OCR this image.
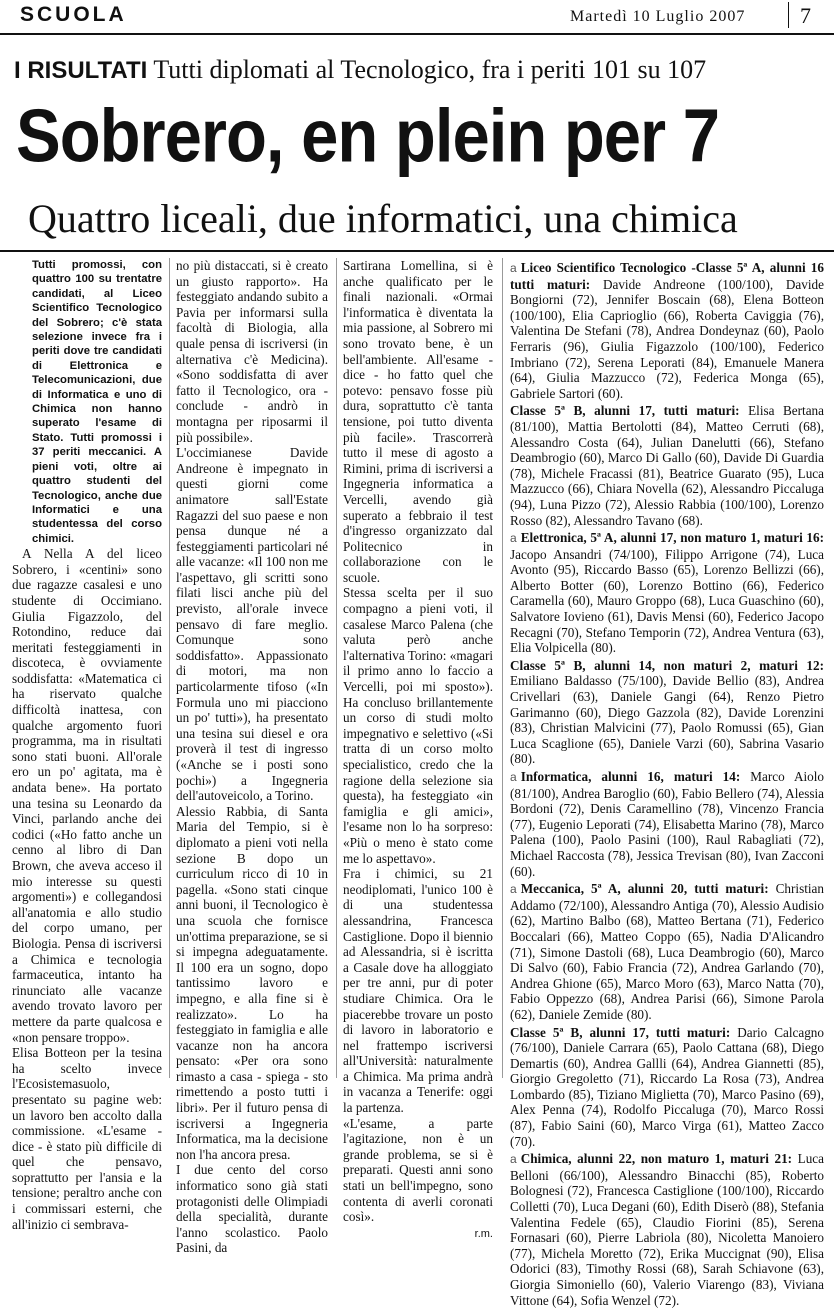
SCUOLA	Martedì 10 Luglio 2007 7
I RISULTATI Tutti diplomati al Tecnologico, fra i periti 101 su 107
Sobrero, en plein per 7
Quattro liceali, due informatici, una chimica

Tutti promossi, con quattro 100 su trentatre candidati, al Liceo Scientifico Tecnologico del Sobrero; c'è stata selezione invece fra i periti dove tre candidati di Elettronica e Telecomunicazioni, due di Informatica e uno di Chimica non hanno superato l'esame di Stato. Tutti promossi i 37 periti meccanici. A pieni voti, oltre ai quattro studenti del Tecnologico, anche due Informatici e una studentessa del corso chimici.

A Nella A del liceo Sobrero, i «centini» sono due ragazze casalesi e uno studente di Occimiano. Giulia Figazzolo, del Rotondino, reduce dai meritati festeggiamenti in discoteca, è ovviamente soddisfatta: «Matematica ci ha riservato qualche difficoltà inattesa, con qualche argomento fuori programma, ma in risultati sono stati buoni. All'orale ero un po' agitata, ma è andata bene». Ha portato una tesina su Leonardo da Vinci, parlando anche dei codici («Ho fatto anche un cenno al libro di Dan Brown, che aveva acceso il mio interesse su questi argomenti») e collegandosi all'anatomia e allo studio del corpo umano, per Biologia. Pensa di iscriversi a Chimica e tecnologia farmaceutica, intanto ha rinunciato alle vacanze avendo trovato lavoro per mettere da parte qualcosa e «non pensare troppo».

Elisa Botteon per la tesina ha scelto invece l'Ecosistemasuolo, presentato su pagine web: un lavoro ben accolto dalla commissione. «L'esame - dice - è stato più difficile di quel che pensavo, soprattutto per l'ansia e la tensione; peraltro anche con i commissari esterni, che all'inizio ci sembrava-

no più distaccati, si è creato un giusto rapporto». Ha festeggiato andando subito a Pavia per informarsi sulla facoltà di Biologia, alla quale pensa di iscriversi (in alternativa c'è Medicina). «Sono soddisfatta di aver fatto il Tecnologico, ora - conclude - andrò in montagna per riposarmi il più possibile».

L'occimianese Davide Andreone è impegnato in questi giorni come animatore sall'Estate Ragazzi del suo paese e non pensa dunque né a festeggiamenti particolari né alle vacanze: «Il 100 non me l'aspettavo, gli scritti sono filati lisci anche più del previsto, all'orale invece pensavo di fare meglio. Comunque sono soddisfatto». Appassionato di motori, ma non particolarmente tifoso («In Formula uno mi piacciono un po' tutti»), ha presentato una tesina sui diesel e ora proverà il test di ingresso («Anche se i posti sono pochi») a Ingegneria dell'autoveicolo, a Torino.

Alessio Rabbia, di Santa Maria del Tempio, si è diplomato a pieni voti nella sezione B dopo un curriculum ricco di 10 in pagella. «Sono stati cinque anni buoni, il Tecnologico è una scuola che fornisce un'ottima preparazione, se si si impegna adeguatamente. Il 100 era un sogno, dopo tantissimo lavoro e impegno, e alla fine si è realizzato». Lo ha festeggiato in famiglia e alle vacanze non ha ancora pensato: «Per ora sono rimasto a casa - spiega - sto rimettendo a posto tutti i libri». Per il futuro pensa di iscriversi a Ingegneria Informatica, ma la decisione non l'ha ancora presa.

I due cento del corso informatico sono già stati protagonisti delle Olimpiadi della specialità, durante l'anno scolastico. Paolo Pasini, da

Sartirana Lomellina, si è anche qualificato per le finali nazionali. «Ormai l'informatica è diventata la mia passione, al Sobrero mi sono trovato bene, è un bell'ambiente. All'esame - dice - ho fatto quel che potevo: pensavo fosse più dura, soprattutto c'è tanta tensione, poi tutto diventa più facile». Trascorrerà tutto il mese di agosto a Rimini, prima di iscriversi a Ingegneria informatica a Vercelli, avendo già superato a febbraio il test d'ingresso organizzato dal Politecnico in collaborazione con le scuole.

Stessa scelta per il suo compagno a pieni voti, il casalese Marco Palena (che valuta però anche l'alternativa Torino: «magari il primo anno lo faccio a Vercelli, poi mi sposto»). Ha concluso brillantemente un corso di studi molto impegnativo e selettivo («Si tratta di un corso molto specialistico, credo che la ragione della selezione sia questa), ha festeggiato «in famiglia e gli amici», l'esame non lo ha sorpreso: «Più o meno è stato come me lo aspettavo».

Fra i chimici, su 21 neodiplomati, l'unico 100 è di una studentessa alessandrina, Francesca Castiglione. Dopo il biennio ad Alessandria, si è iscritta a Casale dove ha alloggiato per tre anni, pur di poter studiare Chimica. Ora le piacerebbe trovare un posto di lavoro in laboratorio e nel frattempo iscriversi all'Università: naturalmente a Chimica. Ma prima andrà in vacanza a Tenerife: oggi la partenza.

«L'esame, a parte l'agitazione, non è un grande problema, se si è preparati. Questi anni sono stati un bell'impegno, sono contenta di averli coronati così».

r.m.

a Liceo Scientifico Tecnologico -Classe 5ª A, alunni 16 tutti maturi: Davide Andreone (100/100), Davide Bongiorni (72), Jennifer Boscain (68), Elena Botteon (100/100), Elia Caprioglio (66), Roberta Caviggia (76), Valentina De Stefani (78), Andrea Dondeynaz (60), Paolo Ferraris (96), Giulia Figazzolo (100/100), Federico Imbriano (72), Serena Leporati (84), Emanuele Manera (64), Giulia Mazzucco (72), Federica Monga (65), Gabriele Sartori (60).

Classe 5ª B, alunni 17, tutti maturi: Elisa Bertana (81/100), Mattia Bertolotti (84), Matteo Cerruti (68), Alessandro Costa (64), Julian Danelutti (66), Stefano Deambrogio (60), Marco Di Gallo (60), Davide Di Guardia (78), Michele Fracassi (81), Beatrice Guarato (95), Luca Mazzucco (66), Chiara Novella (62), Alessandro Piccaluga (94), Luna Pizzo (72), Alessio Rabbia (100/100), Lorenzo Rosso (82), Alessandro Tavano (68).

a Elettronica, 5ª A, alunni 17, non maturo 1, maturi 16: Jacopo Ansandri (74/100), Filippo Arrigone (74), Luca Avonto (95), Riccardo Basso (65), Lorenzo Bellizzi (66), Alberto Botter (60), Lorenzo Bottino (66), Federico Caramella (60), Mauro Groppo (68), Luca Guaschino (60), Salvatore Iovieno (61), Davis Mensi (60), Federico Jacopo Recagni (70), Stefano Temporin (72), Andrea Ventura (63), Elia Volpicella (80).

Classe 5ª B, alunni 14, non maturi 2, maturi 12: Emiliano Baldasso (75/100), Davide Bellio (83), Andrea Crivellari (63), Daniele Gangi (64), Renzo Pietro Garimanno (60), Diego Gazzola (82), Davide Lorenzini (83), Christian Malvicini (77), Paolo Romussi (65), Gian Luca Scaglione (65), Daniele Varzi (60), Sabrina Vasario (80).

a Informatica, alunni 16, maturi 14: Marco Aiolo (81/100), Andrea Baroglio (60), Fabio Bellero (74), Alessia Bordoni (72), Denis Caramellino (78), Vincenzo Francia (77), Eugenio Leporati (74), Elisabetta Marino (78), Marco Palena (100), Paolo Pasini (100), Raul Rabagliati (72), Michael Raccosta (78), Jessica Trevisan (80), Ivan Zacconi (60).

a Meccanica, 5ª A, alunni 20, tutti maturi: Christian Addamo (72/100), Alessandro Antiga (70), Alessio Audisio (62), Martino Balbo (68), Matteo Bertana (71), Federico Boccalari (66), Matteo Coppo (65), Nadia D'Alicandro (71), Simone Dastoli (68), Luca Deambrogio (60), Marco Di Salvo (60), Fabio Francia (72), Andrea Garlando (70), Andrea Ghione (65), Marco Moro (63), Marco Natta (70), Fabio Oppezzo (68), Andrea Parisi (66), Simone Parola (62), Daniele Zemide (80).

Classe 5ª B, alunni 17, tutti maturi: Dario Calcagno (76/100), Daniele Carrara (65), Paolo Cattana (68), Diego Demartis (60), Andrea Gallli (64), Andrea Giannetti (85), Giorgio Gregoletto (71), Riccardo La Rosa (73), Andrea Lombardo (85), Tiziano Miglietta (70), Marco Pasino (69), Alex Penna (74), Rodolfo Piccaluga (70), Marco Rossi (87), Fabio Saini (60), Marco Virga (61), Matteo Zacco (70).

a Chimica, alunni 22, non maturo 1, maturi 21: Luca Belloni (66/100), Alessandro Binacchi (85), Roberto Bolognesi (72), Francesca Castiglione (100/100), Riccardo Colletti (70), Luca Degani (60), Edith Diserò (88), Stefania Valentina Fedele (65), Claudio Fiorini (85), Serena Fornasari (60), Pierre Labriola (80), Nicoletta Manoiero (77), Michela Moretto (72), Erika Muccignat (90), Elisa Odorici (83), Timothy Rossi (68), Sarah Schiavone (63), Giorgia Simoniello (60), Valerio Viarengo (83), Viviana Vittone (64), Sofia Wenzel (72).
